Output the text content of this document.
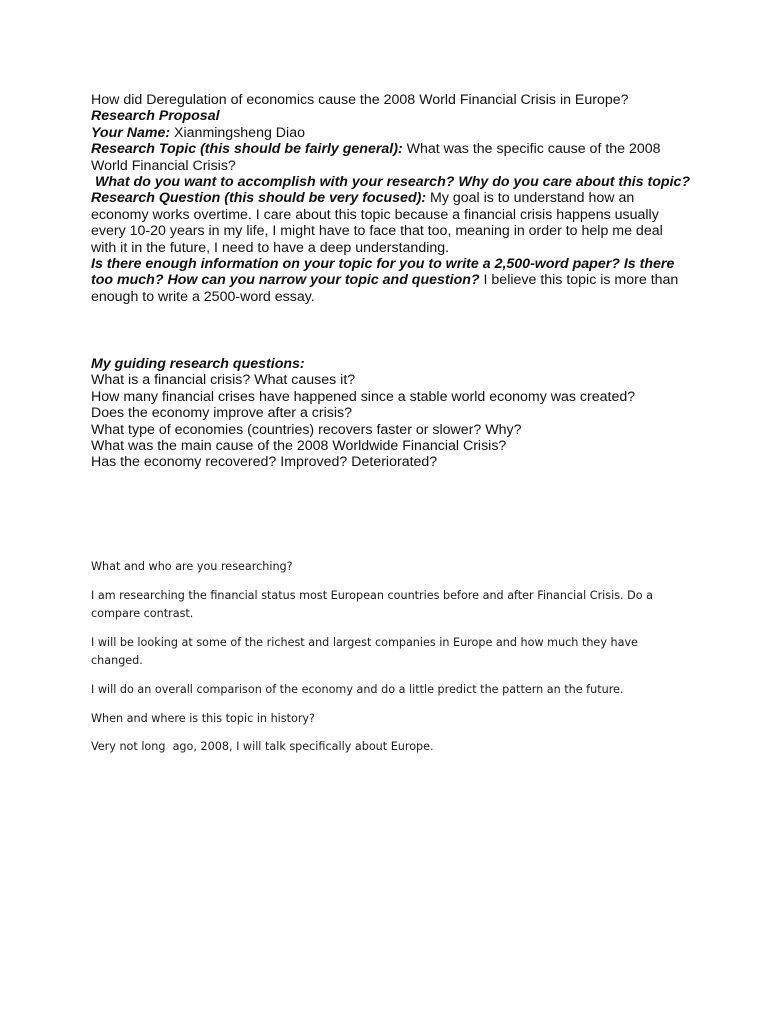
How did Deregulation of economics cause the 2008 World Financial Crisis in Europe?

Research Proposal

Your Name: Xianmingsheng Diao

Research Topic (this should be fairly general): What was the specific cause of the 2008 World Financial Crisis?

What do you want to accomplish with your research? Why do you care about this topic?

Research Question (this should be very focused): My goal is to understand how an economy works overtime. I care about this topic because a financial crisis happens usually every 10-20 years in my life, I might have to face that too, meaning in order to help me deal with it in the future, I need to have a deep understanding.

Is there enough information on your topic for you to write a 2,500-word paper? Is there too much? How can you narrow your topic and question? I believe this topic is more than enough to write a 2500-word essay.

My guiding research questions:

What is a financial crisis? What causes it?
How many financial crises have happened since a stable world economy was created?
Does the economy improve after a crisis?
What type of economies (countries) recovers faster or slower? Why?
What was the main cause of the 2008 Worldwide Financial Crisis?
Has the economy recovered? Improved? Deteriorated?

What and who are you researching?

I am researching the financial status most European countries before and after Financial Crisis. Do a compare contrast.

I will be looking at some of the richest and largest companies in Europe and how much they have changed.

I will do an overall comparison of the economy and do a little predict the pattern an the future.

When and where is this topic in history?

Very not long  ago, 2008, I will talk specifically about Europe.
